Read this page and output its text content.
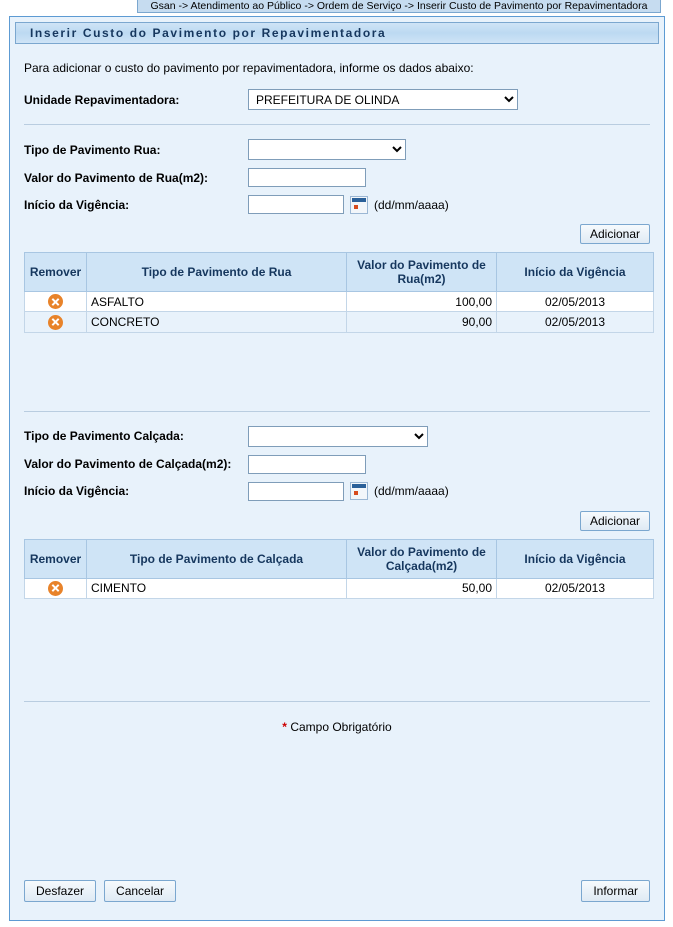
Gsan -> Atendimento ao Público -> Ordem de Serviço -> Inserir Custo de Pavimento por Repavimentadora
Inserir Custo do Pavimento por Repavimentadora
Para adicionar o custo do pavimento por repavimentadora, informe os dados abaixo:
Unidade Repavimentadora:
PREFEITURA DE OLINDA
Tipo de Pavimento Rua:
Valor do Pavimento de Rua(m2):
Início da Vigência:	(dd/mm/aaaa)
Adicionar
Remover	Tipo de Pavimento de Rua	Valor do Pavimento de Rua(m2)	Início da Vigência
	ASFALTO	100,00	02/05/2013
	CONCRETO	90,00	02/05/2013
Tipo de Pavimento Calçada:
Valor do Pavimento de Calçada(m2):
Início da Vigência:	(dd/mm/aaaa)
Adicionar
Remover	Tipo de Pavimento de Calçada	Valor do Pavimento de Calçada(m2)	Início da Vigência
	CIMENTO	50,00	02/05/2013
* Campo Obrigatório
Desfazer	Cancelar	Informar
